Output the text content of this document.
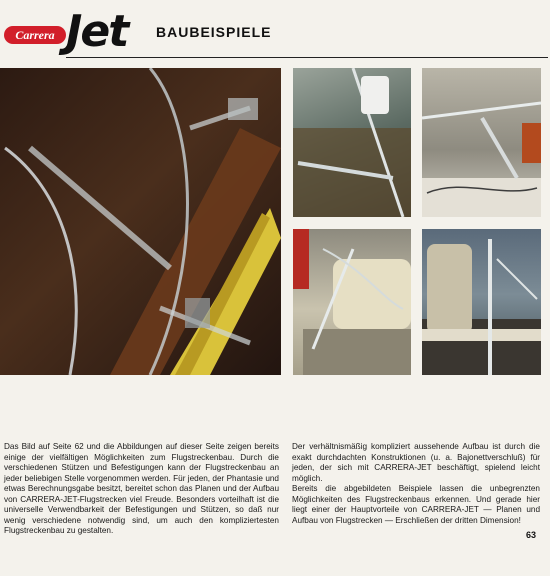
Carrera Jet BAUBEISPIELE

Das Bild auf Seite 62 und die Abbildungen auf dieser Seite zeigen bereits einige der vielfältigen Möglichkeiten zum Flugstreckenbau. Durch die verschiedenen Stützen und Befestigungen kann der Flugstreckenbau an jeder beliebigen Stelle vorgenommen werden. Für jeden, der Phantasie und etwas Berechnungsgabe besitzt, bereitet schon das Planen und der Aufbau von CARRERA-JET-Flugstrecken viel Freude. Besonders vorteilhaft ist die universelle Verwendbarkeit der Befestigungen und Stützen, so daß nur wenig verschiedene notwendig sind, um auch den kompliziertesten Flugstreckenbau zu gestalten.

Der verhältnismäßig kompliziert aussehende Aufbau ist durch die exakt durchdachten Konstruktionen (u. a. Bajonettverschluß) für jeden, der sich mit CARRERA-JET beschäftigt, spielend leicht möglich.

Bereits die abgebildeten Beispiele lassen die unbegrenzten Möglichkeiten des Flugstreckenbaus erkennen. Und gerade hier liegt einer der Hauptvorteile von CARRERA-JET — Planen und Aufbau von Flugstrecken — Erschließen der dritten Dimension!

63
